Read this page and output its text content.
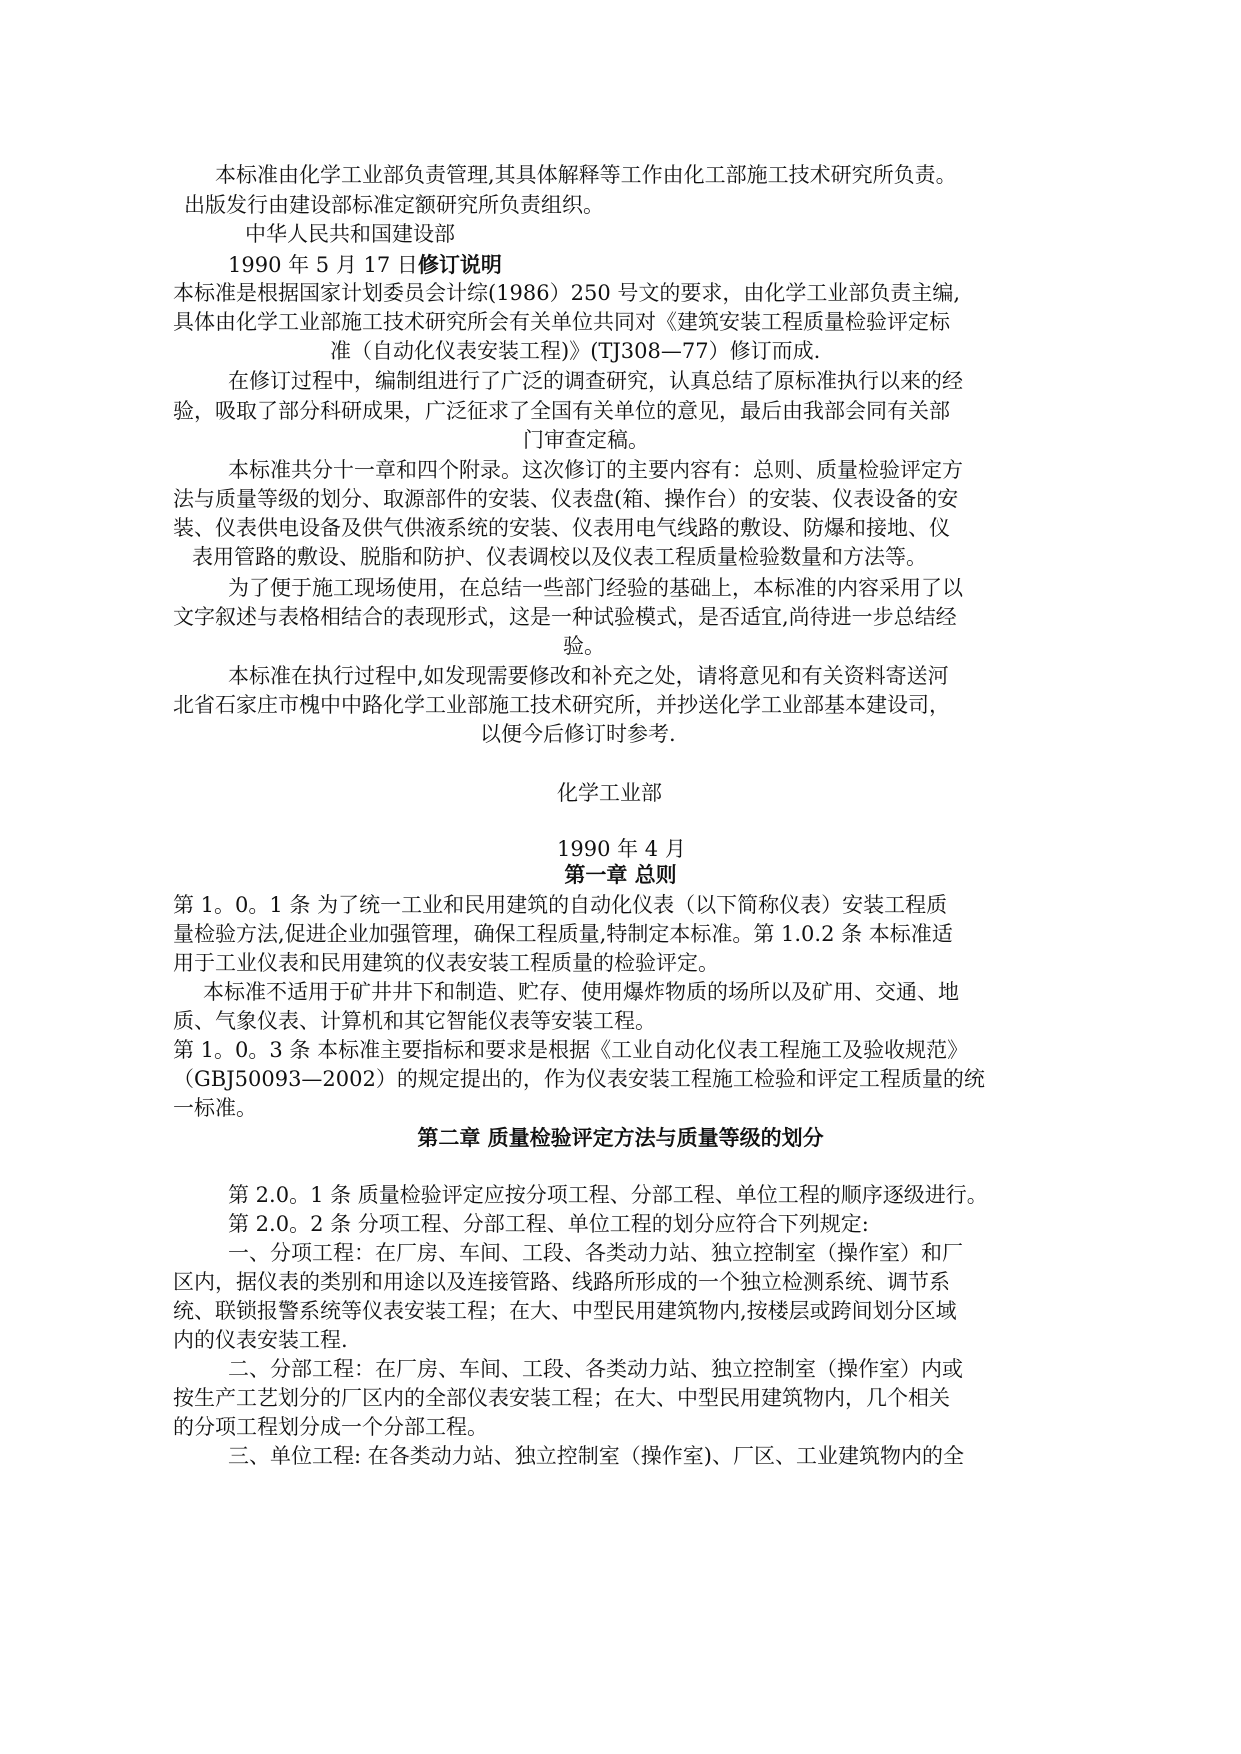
本标准由化学工业部负责管理,其具体解释等工作由化工部施工技术研究所负责。
出版发行由建设部标准定额研究所负责组织。
中华人民共和国建设部
1990 年 5 月 17 日修订说明
本标准是根据国家计划委员会计综(1986）250 号文的要求，由化学工业部负责主编,
具体由化学工业部施工技术研究所会有关单位共同对《建筑安装工程质量检验评定标
准（自动化仪表安装工程)》(TJ308—77）修订而成.
在修订过程中，编制组进行了广泛的调查研究，认真总结了原标准执行以来的经
验，吸取了部分科研成果，广泛征求了全国有关单位的意见，最后由我部会同有关部
门审查定稿。
本标准共分十一章和四个附录。这次修订的主要内容有：总则、质量检验评定方
法与质量等级的划分、取源部件的安装、仪表盘(箱、操作台）的安装、仪表设备的安
装、仪表供电设备及供气供液系统的安装、仪表用电气线路的敷设、防爆和接地、仪
表用管路的敷设、脱脂和防护、仪表调校以及仪表工程质量检验数量和方法等。
为了便于施工现场使用，在总结一些部门经验的基础上，本标准的内容采用了以
文字叙述与表格相结合的表现形式，这是一种试验模式，是否适宜,尚待进一步总结经
验。
本标准在执行过程中,如发现需要修改和补充之处，请将意见和有关资料寄送河
北省石家庄市槐中中路化学工业部施工技术研究所，并抄送化学工业部基本建设司，
以便今后修订时参考.
化学工业部
1990 年 4 月
第一章 总则
第 1。0。1 条 为了统一工业和民用建筑的自动化仪表（以下简称仪表）安装工程质
量检验方法,促进企业加强管理，确保工程质量,特制定本标准。第 1.0.2 条 本标准适
用于工业仪表和民用建筑的仪表安装工程质量的检验评定。
本标准不适用于矿井井下和制造、贮存、使用爆炸物质的场所以及矿用、交通、地
质、气象仪表、计算机和其它智能仪表等安装工程。
第 1。0。3 条 本标准主要指标和要求是根据《工业自动化仪表工程施工及验收规范》
（GBJ50093—2002）的规定提出的，作为仪表安装工程施工检验和评定工程质量的统
一标准。
第二章 质量检验评定方法与质量等级的划分
第 2.0。1 条 质量检验评定应按分项工程、分部工程、单位工程的顺序逐级进行。
第 2.0。2 条 分项工程、分部工程、单位工程的划分应符合下列规定:
一、分项工程：在厂房、车间、工段、各类动力站、独立控制室（操作室）和厂
区内，据仪表的类别和用途以及连接管路、线路所形成的一个独立检测系统、调节系
统、联锁报警系统等仪表安装工程；在大、中型民用建筑物内,按楼层或跨间划分区域
内的仪表安装工程.
二、分部工程：在厂房、车间、工段、各类动力站、独立控制室（操作室）内或
按生产工艺划分的厂区内的全部仪表安装工程；在大、中型民用建筑物内，几个相关
的分项工程划分成一个分部工程。
三、单位工程: 在各类动力站、独立控制室（操作室)、厂区、工业建筑物内的全
